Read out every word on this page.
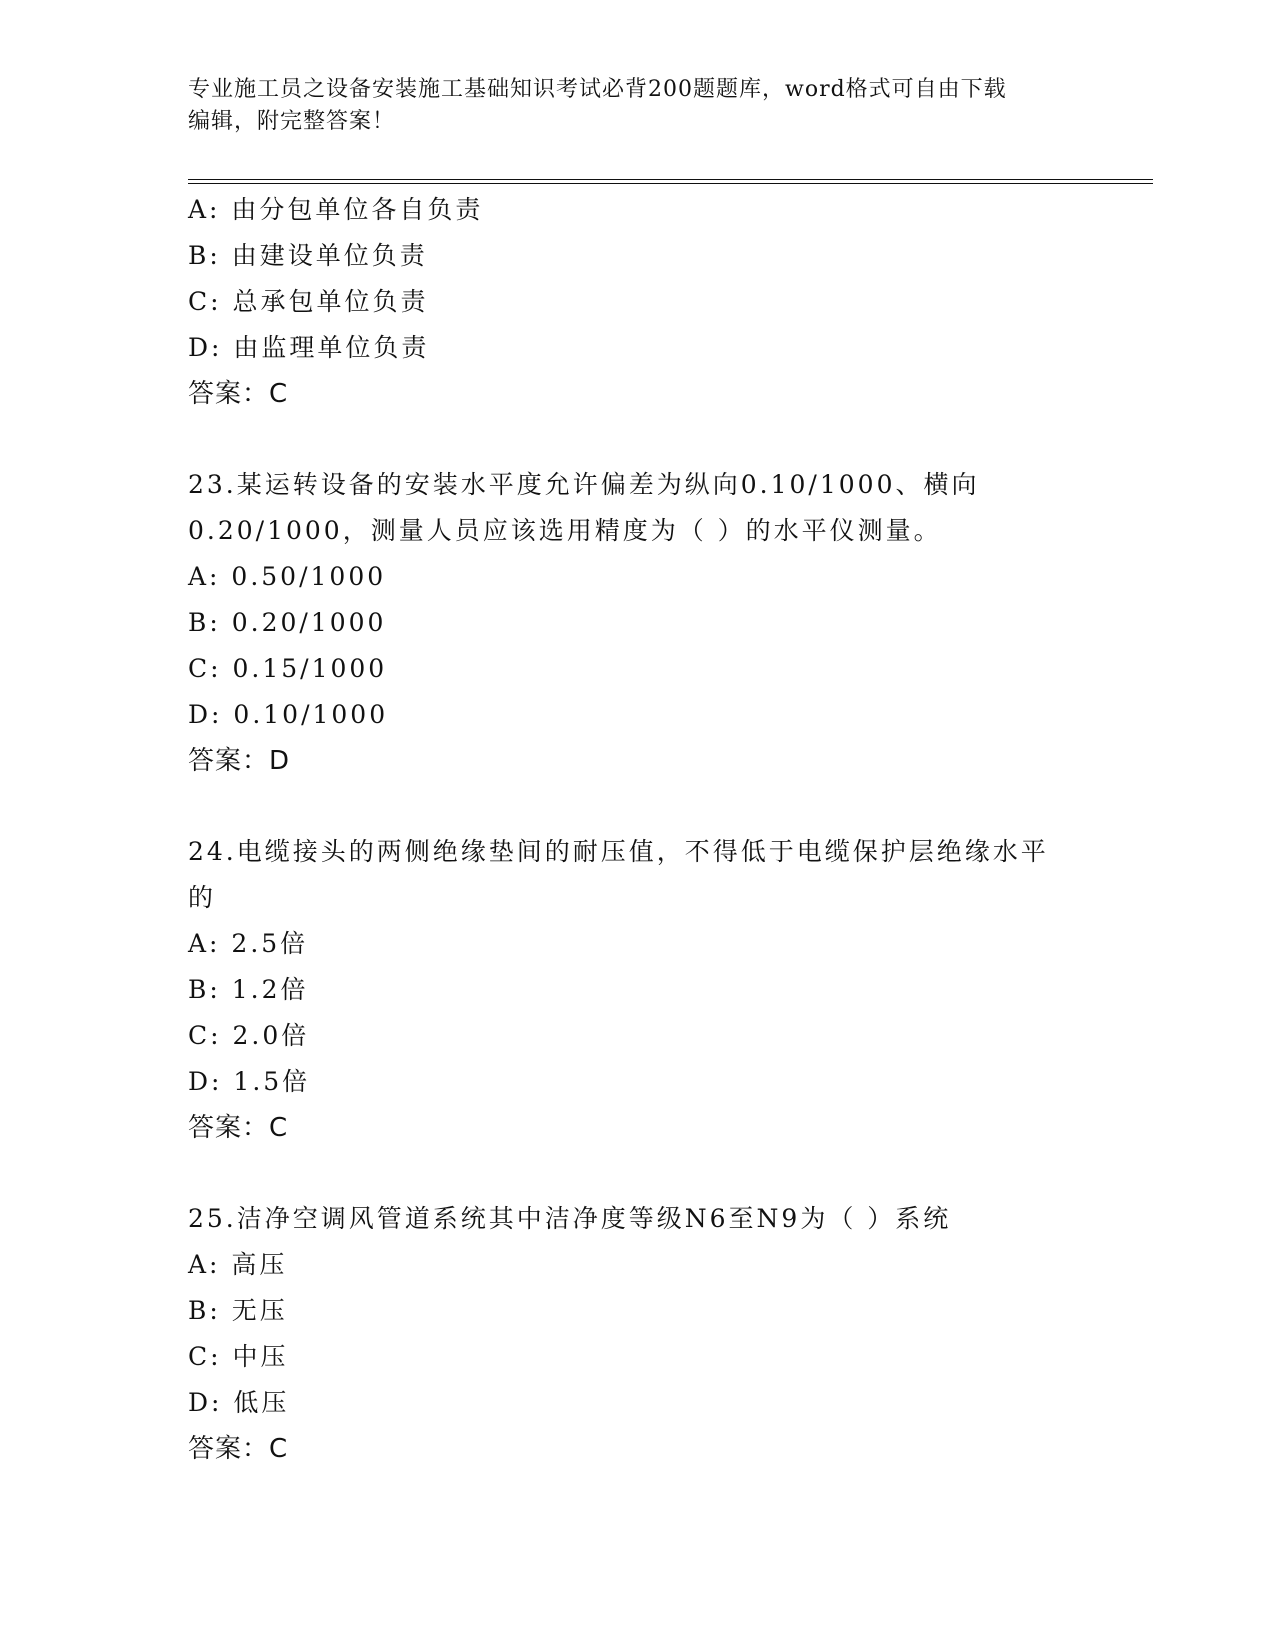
专业施工员之设备安装施工基础知识考试必背200题题库，word格式可自由下载
编辑，附完整答案！
A: 由分包单位各自负责
B: 由建设单位负责
C: 总承包单位负责
D: 由监理单位负责
答案：C
23.某运转设备的安装水平度允许偏差为纵向0.10/1000、横向
0.20/1000，测量人员应该选用精度为（ ）的水平仪测量。
A: 0.50/1000
B: 0.20/1000
C: 0.15/1000
D: 0.10/1000
答案：D
24.电缆接头的两侧绝缘垫间的耐压值，不得低于电缆保护层绝缘水平
的
A: 2.5倍
B: 1.2倍
C: 2.0倍
D: 1.5倍
答案：C
25.洁净空调风管道系统其中洁净度等级N6至N9为（ ）系统
A: 高压
B: 无压
C: 中压
D: 低压
答案：C
